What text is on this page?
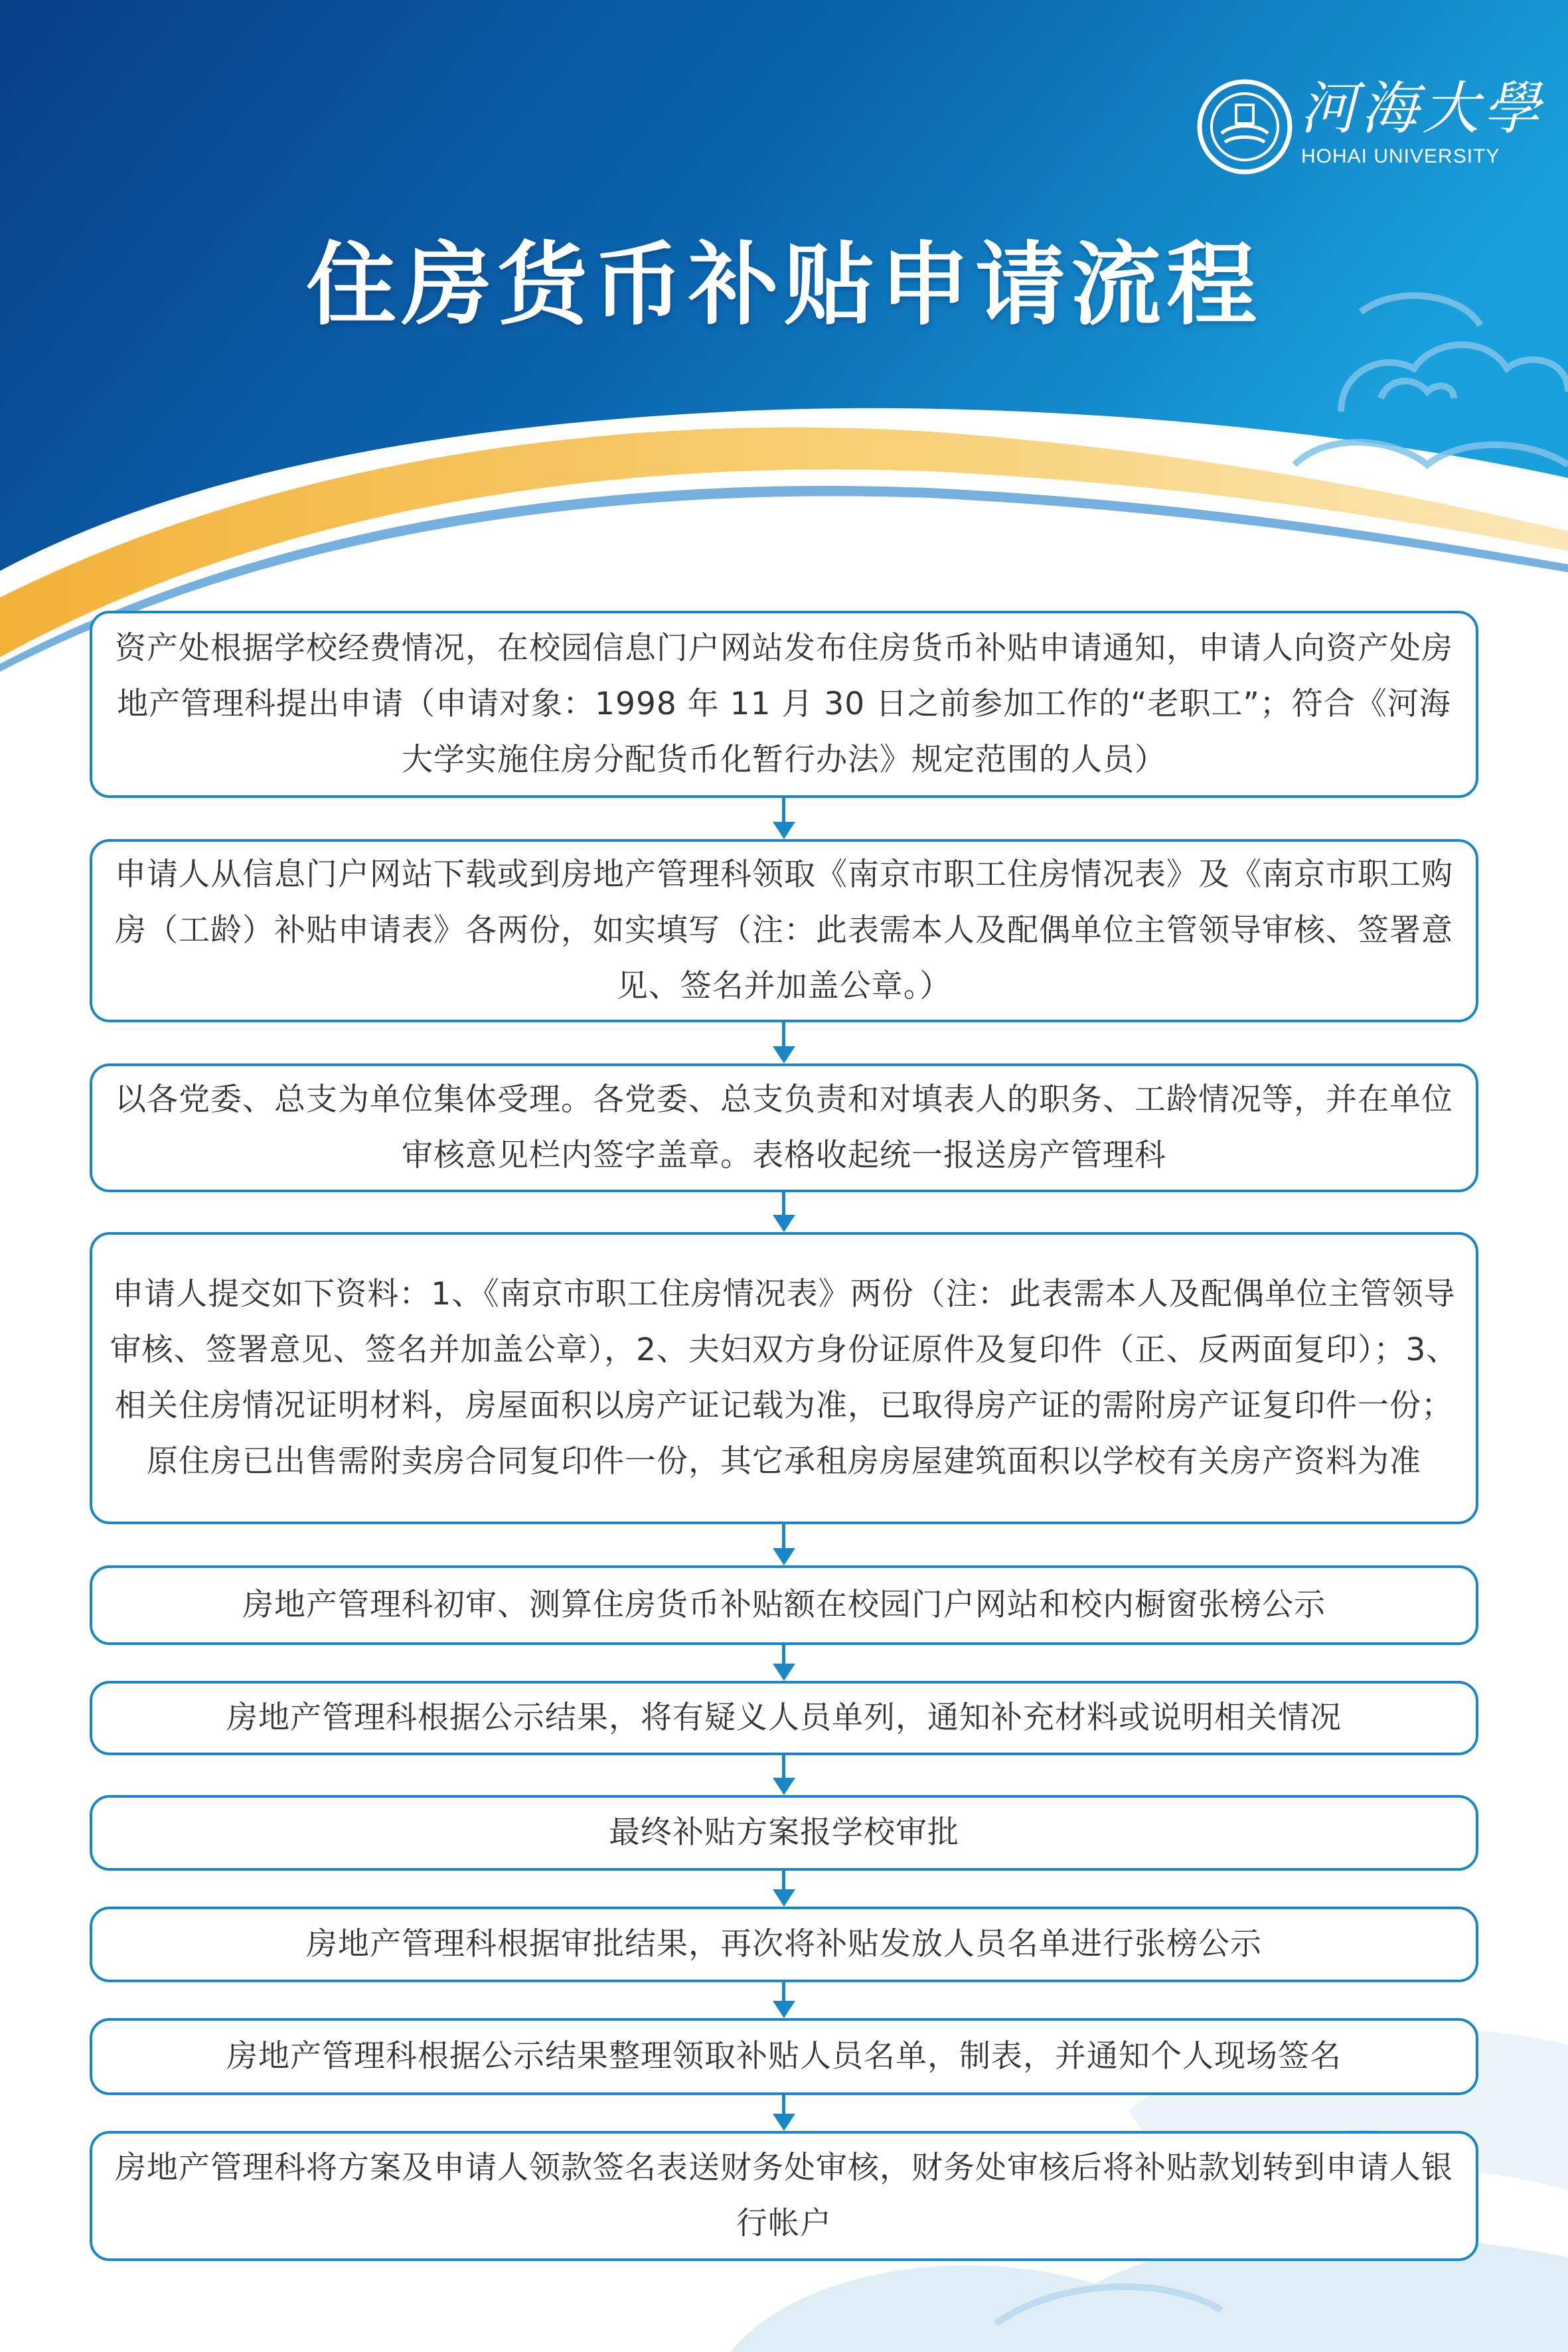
河海大學
HOHAI UNIVERSITY
住房货币补贴申请流程
资产处根据学校经费情况，在校园信息门户网站发布住房货币补贴申请通知，申请人向资产处房地产管理科提出申请（申请对象：1998 年 11 月 30 日之前参加工作的“老职工”；符合《河海大学实施住房分配货币化暂行办法》规定范围的人员）
申请人从信息门户网站下载或到房地产管理科领取《南京市职工住房情况表》及《南京市职工购房（工龄）补贴申请表》各两份，如实填写（注：此表需本人及配偶单位主管领导审核、签署意见、签名并加盖公章。）
以各党委、总支为单位集体受理。各党委、总支负责和对填表人的职务、工龄情况等，并在单位审核意见栏内签字盖章。表格收起统一报送房产管理科
申请人提交如下资料：1、《南京市职工住房情况表》两份（注：此表需本人及配偶单位主管领导审核、签署意见、签名并加盖公章），2、夫妇双方身份证原件及复印件（正、反两面复印）；3、相关住房情况证明材料，房屋面积以房产证记载为准，已取得房产证的需附房产证复印件一份；原住房已出售需附卖房合同复印件一份，其它承租房房屋建筑面积以学校有关房产资料为准
房地产管理科初审、测算住房货币补贴额在校园门户网站和校内橱窗张榜公示
房地产管理科根据公示结果，将有疑义人员单列，通知补充材料或说明相关情况
最终补贴方案报学校审批
房地产管理科根据审批结果，再次将补贴发放人员名单进行张榜公示
房地产管理科根据公示结果整理领取补贴人员名单，制表，并通知个人现场签名
房地产管理科将方案及申请人领款签名表送财务处审核，财务处审核后将补贴款划转到申请人银行帐户
